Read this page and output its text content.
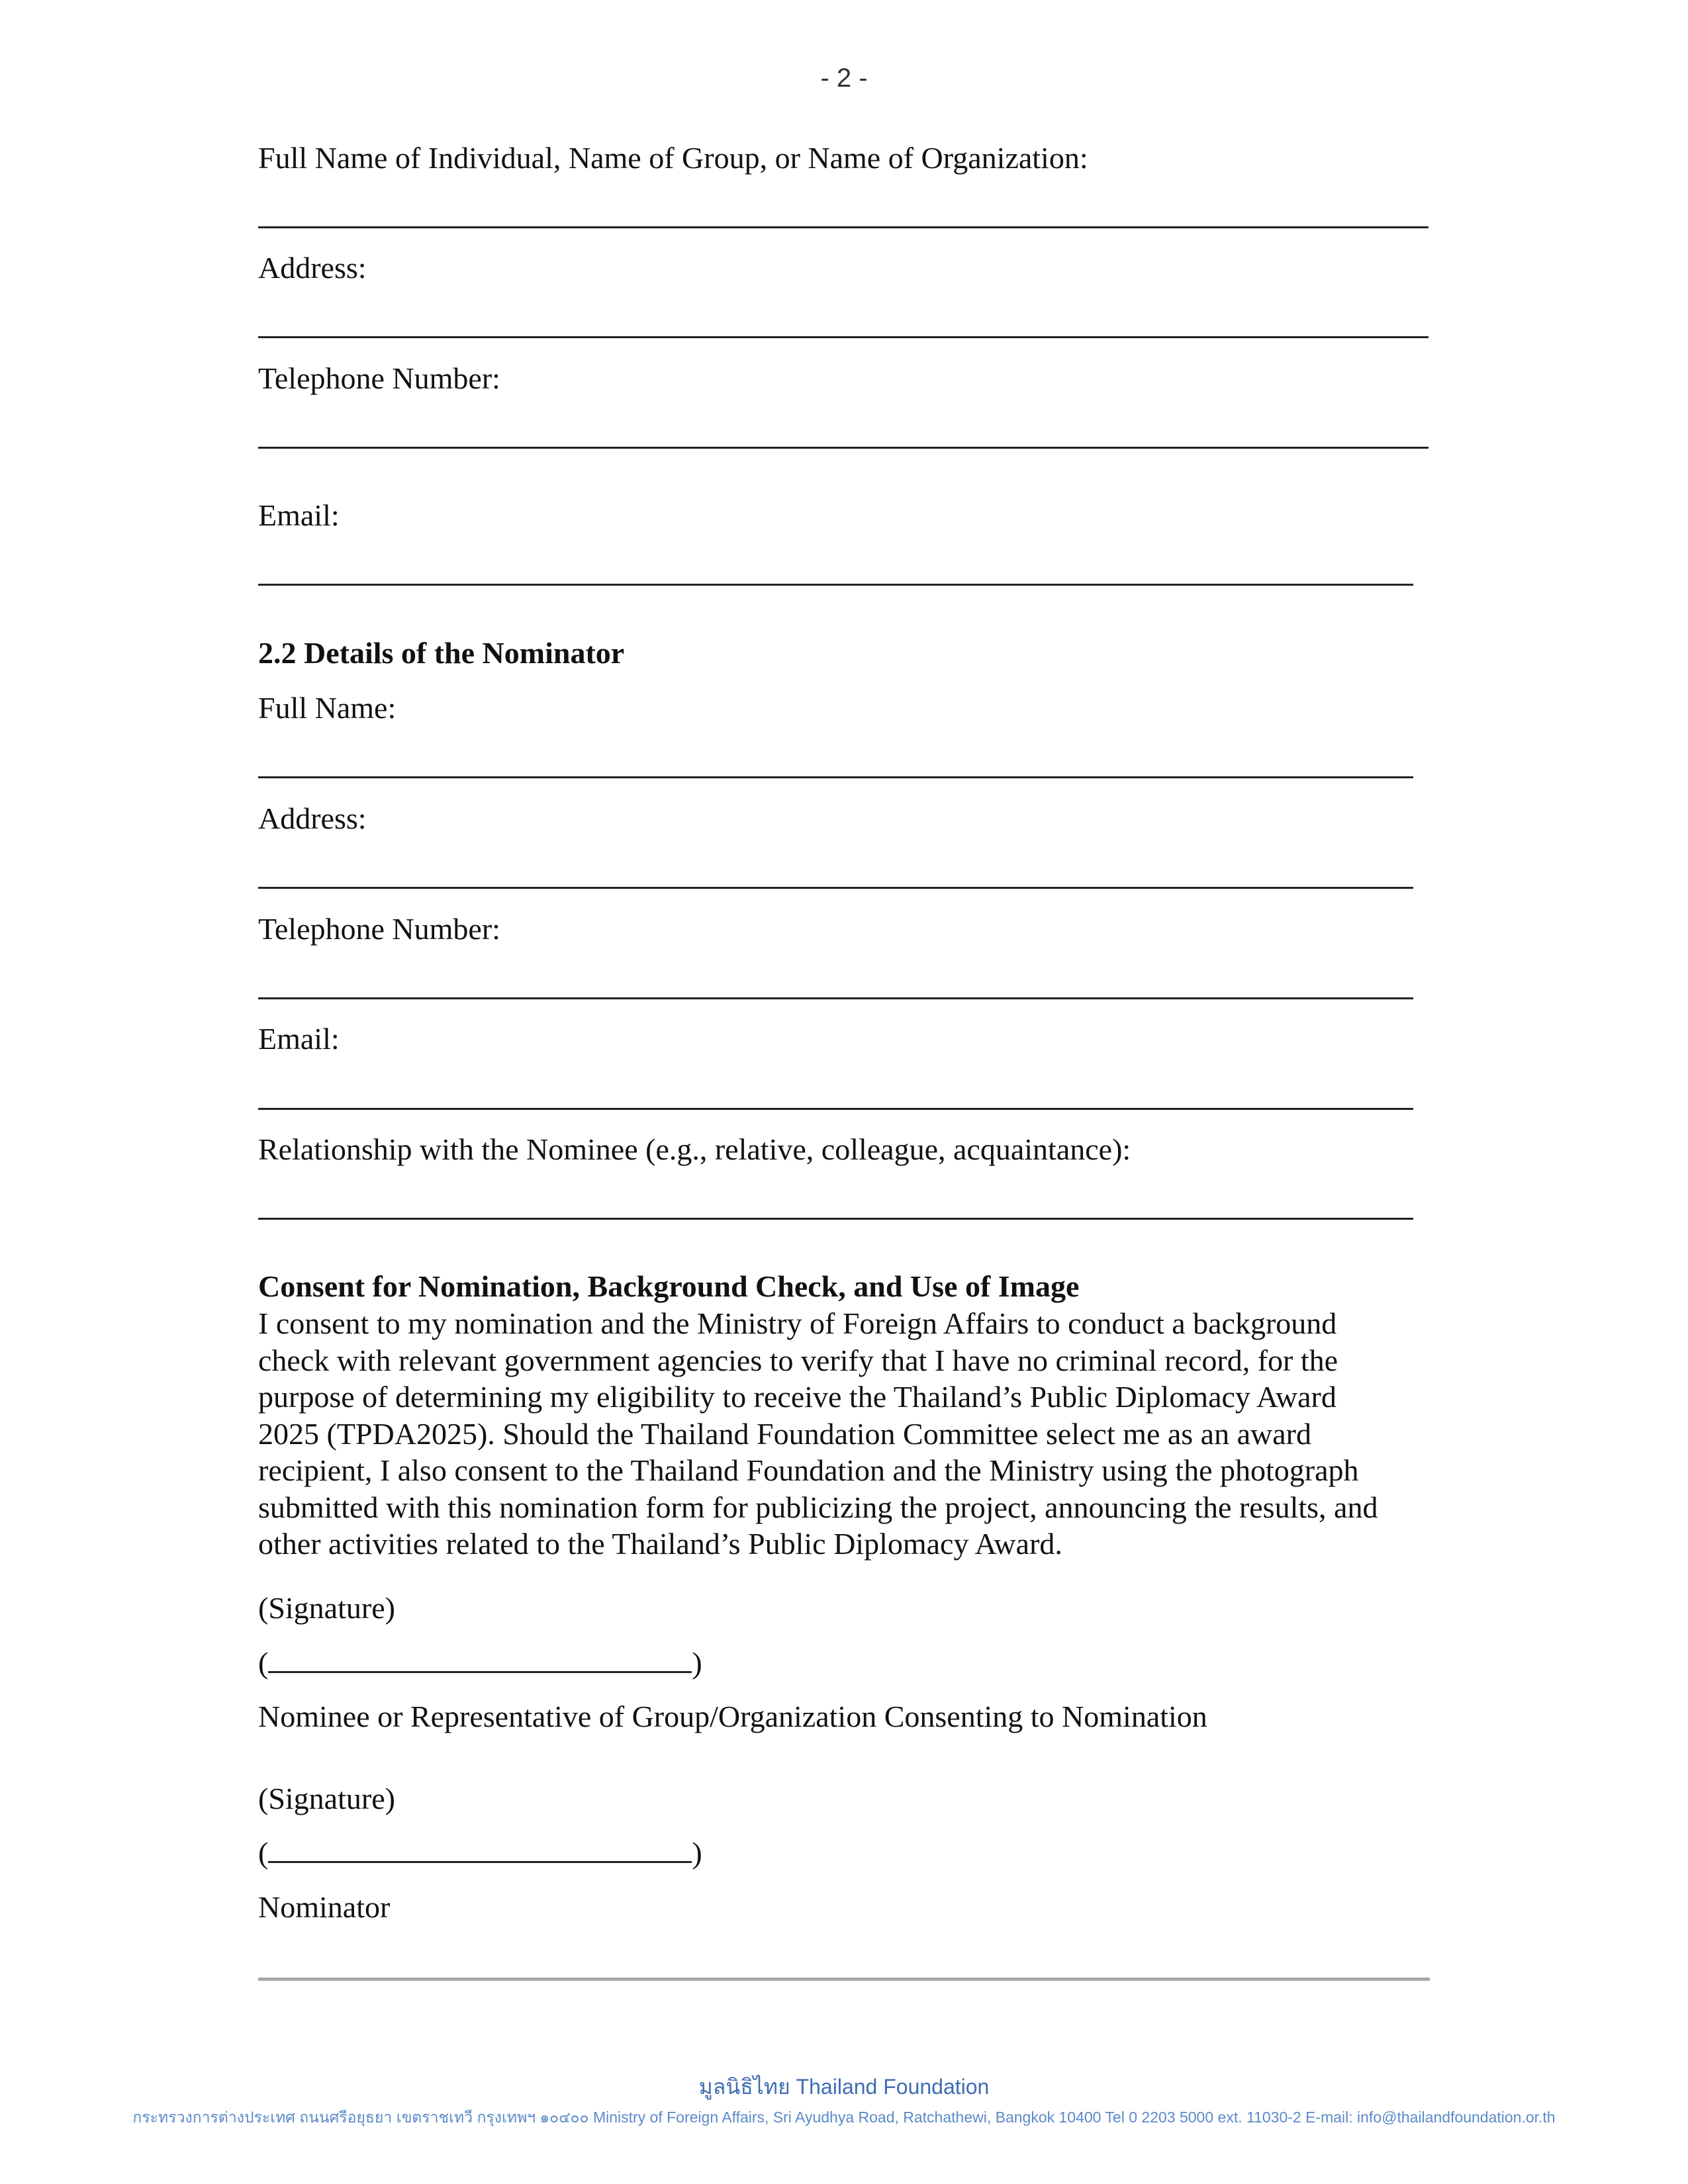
- 2 -
Full Name of Individual, Name of Group, or Name of Organization:
Address:
Telephone Number:
Email:
2.2 Details of the Nominator
Full Name:
Address:
Telephone Number:
Email:
Relationship with the Nominee (e.g., relative, colleague, acquaintance):
Consent for Nomination, Background Check, and Use of Image

I consent to my nomination and the Ministry of Foreign Affairs to conduct a background

check with relevant government agencies to verify that I have no criminal record, for the

purpose of determining my eligibility to receive the Thailand’s Public Diplomacy Award

2025 (TPDA2025). Should the Thailand Foundation Committee select me as an award

recipient, I also consent to the Thailand Foundation and the Ministry using the photograph

submitted with this nomination form for publicizing the project, announcing the results, and

other activities related to the Thailand’s Public Diplomacy Award.

(Signature)
(	)
Nominee or Representative of Group/Organization Consenting to Nomination
(Signature)
(	)
Nominator
มูลนิธิไทย Thailand Foundation
กระทรวงการต่างประเทศ ถนนศรีอยุธยา เขตราชเทวี กรุงเทพฯ ๑๐๔๐๐ Ministry of Foreign Affairs, Sri Ayudhya Road, Ratchathewi, Bangkok 10400 Tel 0 2203 5000 ext. 11030-2 E-mail: info@thailandfoundation.or.th
